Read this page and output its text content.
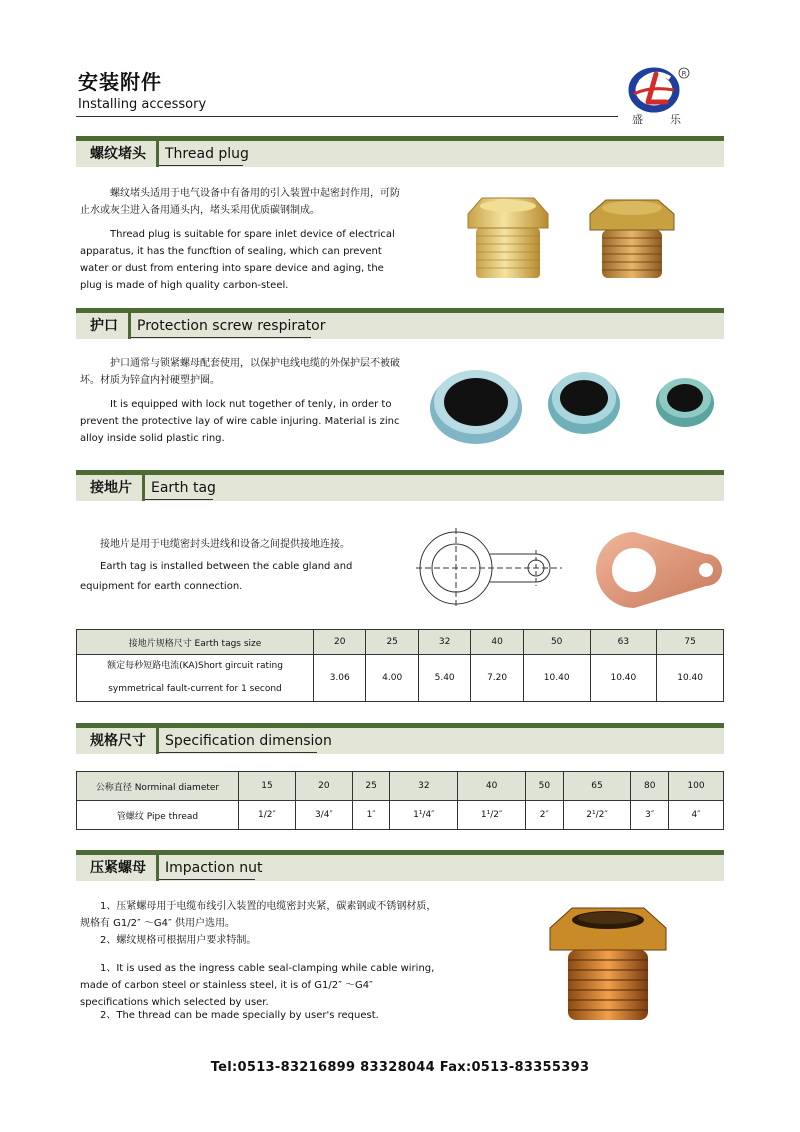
安装附件
Installing accessory
R
盛 乐
螺纹堵头	Thread plug
螺纹堵头适用于电气设备中有备用的引入装置中起密封作用，可防止水或灰尘进入备用通头内，堵头采用优质碳钢制成。
Thread plug is suitable for spare inlet device of electrical apparatus, it has the funcftion of sealing, which can prevent water or dust from entering into spare device and aging, the plug is made of high quality carbon-steel.
护口	Protection screw respirator
护口通常与锁紧螺母配套使用，以保护电线电缆的外保护层不被破坏。材质为锌盒内衬硬塑护圈。
It is equipped with lock nut together of tenly, in order to prevent the protective lay of wire cable injuring. Material is zinc alloy inside solid plastic ring.
接地片	Earth tag
接地片是用于电缆密封头进线和设备之间提供接地连接。
Earth tag is installed between the cable gland and equipment for earth connection.
接地片规格尺寸 Earth tags size	20	25	32	40	50	63	75

额定每秒短路电流(KA)Short gircuit rating
symmetrical fault-current for 1 second	3.06	4.00	5.40	7.20	10.40	10.40	10.40
规格尺寸	Specification dimension
公称直径 Norminal diameter	15	20	25	32	40	50	65	80	100
管螺纹 Pipe thread	1/2″	3/4″	1″	1¹/4″	1¹/2″	2″	2¹/2″	3″	4″
压紧螺母	Impaction nut
1、压紧螺母用于电缆布线引入装置的电缆密封夹紧，碳素钢或不锈钢材质，规格有 G1/2″ ～G4″ 供用户选用。
2、螺纹规格可根据用户要求特制。
1、It is used as the ingress cable seal-clamping while cable wiring, made of carbon steel or stainless steel, it is of G1/2″ ～G4″ specifications which selected by user.
2、The thread can be made specially by user's request.
Tel:0513-83216899 83328044 Fax:0513-83355393
